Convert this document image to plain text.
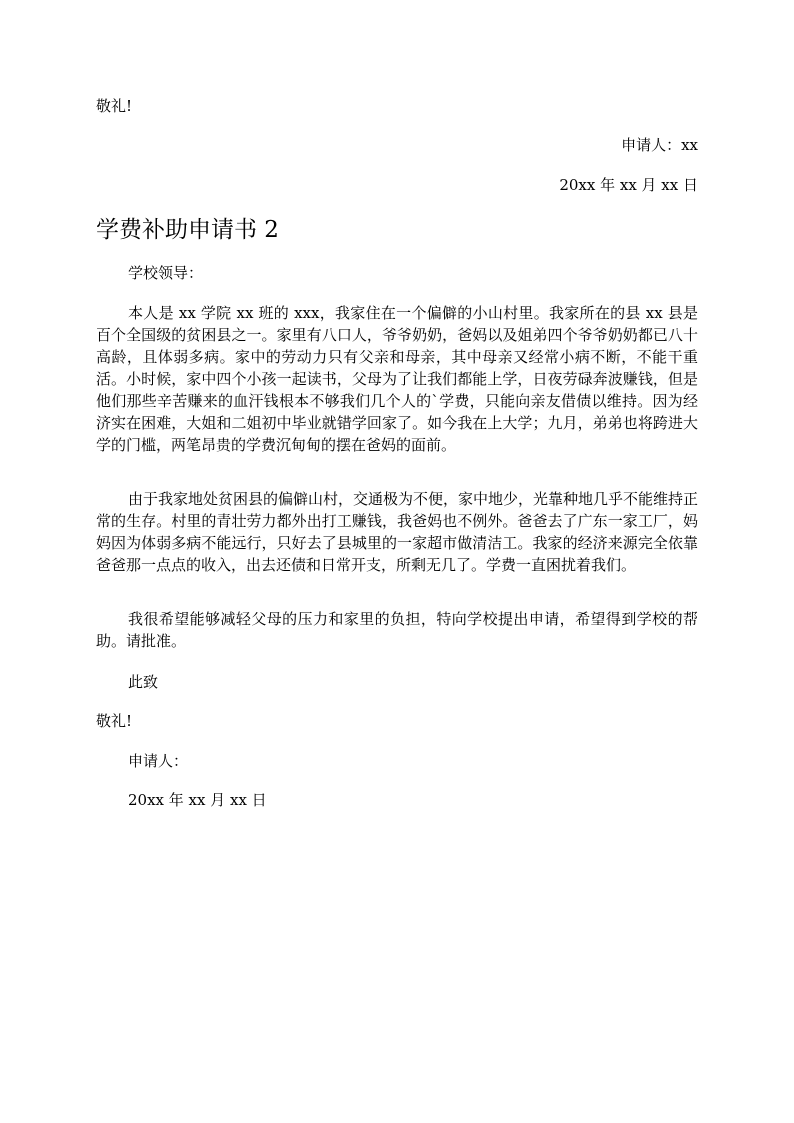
敬礼!
申请人：xx
20xx 年 xx 月 xx 日
学费补助申请书 2
学校领导：
本人是 xx 学院 xx 班的 xxx，我家住在一个偏僻的小山村里。我家所在的县 xx 县是百个全国级的贫困县之一。家里有八口人，爷爷奶奶，爸妈以及姐弟四个爷爷奶奶都已八十高龄，且体弱多病。家中的劳动力只有父亲和母亲，其中母亲又经常小病不断，不能干重活。小时候，家中四个小孩一起读书，父母为了让我们都能上学，日夜劳碌奔波赚钱，但是他们那些辛苦赚来的血汗钱根本不够我们几个人的`学费，只能向亲友借债以维持。因为经济实在困难，大姐和二姐初中毕业就错学回家了。如今我在上大学；九月，弟弟也将跨进大学的门槛，两笔昂贵的学费沉甸甸的摆在爸妈的面前。
由于我家地处贫困县的偏僻山村，交通极为不便，家中地少，光靠种地几乎不能维持正常的生存。村里的青壮劳力都外出打工赚钱，我爸妈也不例外。爸爸去了广东一家工厂，妈妈因为体弱多病不能远行，只好去了县城里的一家超市做清洁工。我家的经济来源完全依靠爸爸那一点点的收入，出去还债和日常开支，所剩无几了。学费一直困扰着我们。
我很希望能够减轻父母的压力和家里的负担，特向学校提出申请，希望得到学校的帮助。请批准。
此致
敬礼!
申请人：
20xx 年 xx 月 xx 日
